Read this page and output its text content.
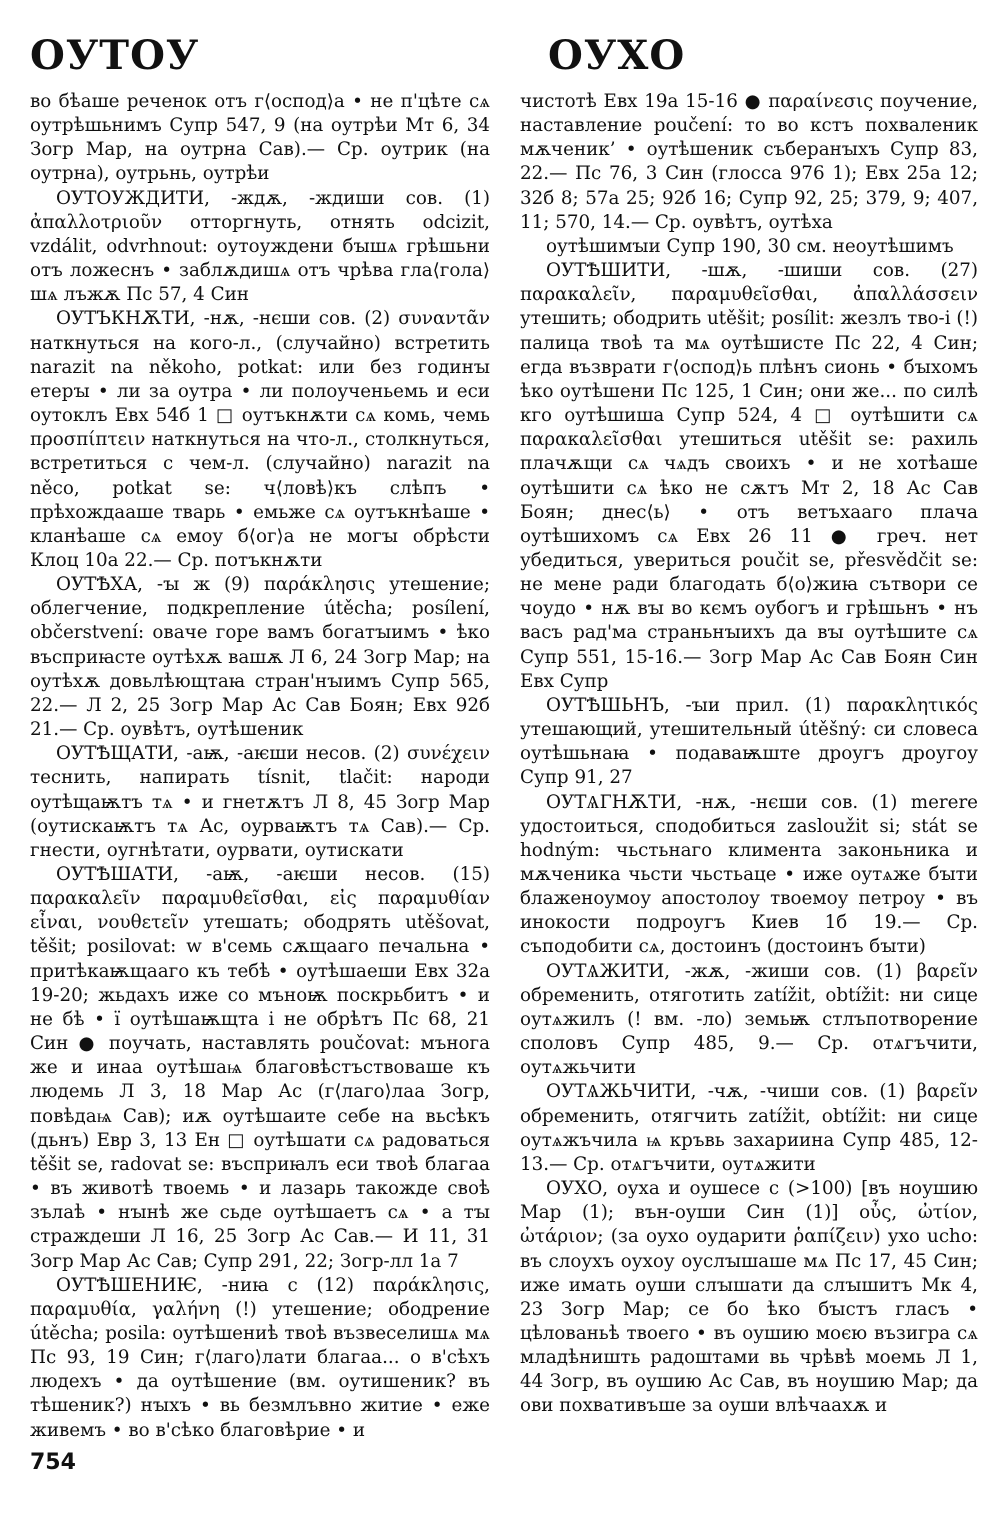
ОУТОУ	ОУХО

во бѣаше реченок отъ г⟨оспод⟩а • не п'цѣте сѧ оутрѣшьнимъ Супр 547, 9 (на оутрѣи Мт 6, 34 Зогр Мар, на оутрна Сав).— Ср. оутрик (на оутрна), оутрьнь, оутрѣи

ОУТОУЖДИТИ, -ждѫ, -ждиши сов. (1) ἀπαλλοτριοῦν отторгнуть, отнять odcizit, vzdálit, odvrhnout: оутоуждени бꙑшѧ грѣшьни отъ ложеснъ • заблѫдишѧ отъ чрѣва гла⟨гола⟩шѧ лъжѫ Пс 57, 4 Син

ОУТЪКНѪТИ, -нѫ, -нєши сов. (2) συναντᾶν наткнуться на кого-л., (случайно) встретить narazit na někoho, potkat: или без годинꙑ етерꙑ • ли за оутра • ли полоученьемь и еси оутоклъ Евх 54б 1 □ оутъкнѫти сѧ комь, чемь προσπίπτειν наткнуться на что-л., столкнуться, встретиться с чем-л. (случайно) narazit na něco, potkat se: ч⟨ловѣ⟩къ слѣпъ • прѣхождааше тварь • емьже сѧ оутъкнѣаше • кланѣаше сѧ емоу б⟨ог⟩а не могꙑ обрѣсти Клоц 10а 22.— Ср. потъкнѫти

ОУТѢХА, -ꙑ ж (9) παράκλησις утешение; облегчение, подкрепление útěcha; posílení, občerstvení: оваче горе вамъ богатꙑимъ • ѣко въсприꙗсте оутѣхѫ вашѫ Л 6, 24 Зогр Мар; на оутѣхѫ довьлѣющтаꙗ стран'нꙑимъ Супр 565, 22.— Л 2, 25 Зогр Мар Ас Сав Боян; Евх 92б 21.— Ср. оувѣтъ, оутѣшеник

ОУТѢЩАТИ, -аѭ, -аѥши несов. (2) συνέχειν теснить, напирать tísnit, tlačit: народи оутѣщаѭтъ тѧ • и гнетѫтъ Л 8, 45 Зогр Мар (оутискаѭтъ тѧ Ас, оурваѭтъ тѧ Сав).— Ср. гнести, оугнѣтати, оурвати, оутискати

ОУТѢШАТИ, -аѭ, -аѥши несов. (15) παρακαλεῖν παραμυθεῖσθαι, εἰς παραμυθίαν εἶναι, νουθετεῖν утешать; ободрять utěšovat, těšit; posilovat: w в'семь сѫщааго печальна • притѣкаѭщааго къ тебѣ • оутѣшаеши Евх 32а 19-20; жьдахъ иже со мъноѭ поскрьбитъ • и не бѣ • ї оутѣшаѭщта і не обрѣтъ Пс 68, 21 Син ● поучать, наставлять poučovat: мънога же и инаа оутѣшаѩ благовѣстъствоваше къ людемь Л 3, 18 Мар Ас (г⟨лаго⟩лаа Зогр, повѣдаѩ Сав); иѫ оутѣшаите себе на вьсѣкъ (дьнъ) Евр 3, 13 Ен □ оутѣшати сѧ радоваться těšit se, radovat se: въсприꙗлъ еси твоѣ благаа • въ животѣ твоемь • и лазарь такожде своѣ зълаѣ • нꙑнѣ же сьде оутѣшаетъ сѧ • а тꙑ страждеши Л 16, 25 Зогр Ас Сав.— И 11, 31 Зогр Мар Ас Сав; Супр 291, 22; Зогр-лл 1а 7

ОУТѢШЕНИѤ, -ниꙗ с (12) παράκλησις, παραμυθία, γαλήνη (!) утешение; ободрение útěcha; posila: оутѣшениѣ твоѣ възвеселишѧ мѧ Пс 93, 19 Син; г⟨лаго⟩лати благаа... о в'сѣхъ людехъ • да оутѣшение (вм. оутишеник? въ тѣшеник?) нꙑхъ • вь безмлъвно житие • еже живемъ • во в'сѣко благовѣрие • и

чистотѣ Евх 19а 15-16 ● παραίνεσις поучение, наставление poučení: то во кстъ похваленик мѫченик’ • оутѣшеник съберанꙑхъ Супр 83, 22.— Пс 76, 3 Син (глосса 976 1); Евх 25а 12; 32б 8; 57а 25; 92б 16; Супр 92, 25; 379, 9; 407, 11; 570, 14.— Ср. оувѣтъ, оутѣха

оутѣшимꙑи Супр 190, 30 см. неоутѣшимъ

ОУТѢШИТИ, -шѫ, -шиши сов. (27) παρακαλεῖν, παραμυθεῖσθαι, ἀπαλλάσσειν утешить; ободрить utěšit; posílit: жезлъ тво-і (!) палица твоѣ та мѧ оутѣшисте Пс 22, 4 Син; егда възврати г⟨оспод⟩ь плѣнъ сионь • бꙑхомъ ѣко оутѣшени Пс 125, 1 Син; они же... по силѣ кго оутѣшиша Супр 524, 4 □ оутѣшити сѧ παρακαλεῖσθαι утешиться utěšit se: рахиль плачѫщи сѧ чѧдъ своихъ • и не хотѣаше оутѣшити сѧ ѣко не сѫтъ Мт 2, 18 Ас Сав Боян; днес⟨ь⟩ • отъ ветъхааго плача оутѣшихомъ сѧ Евх 26 11 ● греч. нет убедиться, увериться poučit se, přesvědčit se: не мене ради благодать б⟨о⟩жиꙗ сътвори се чоудо • нѫ вꙑ во кємъ оубогъ и грѣшьнъ • нъ васъ рад'ма страньнꙑихъ да вꙑ оутѣшите сѧ Супр 551, 15-16.— Зогр Мар Ас Сав Боян Син Евх Супр

ОУТѢШЬНЪ, -ꙑи прил. (1) παρακλητικός утешающий, утешительный útěšný: си словеса оутѣшьнаꙗ • подаваѭште дроугъ дроугоу Супр 91, 27

ОУТѦГНѪТИ, -нѫ, -нєши сов. (1) merere удостоиться, сподобиться zasloužit si; stát se hodným: чьстьнаго климента законьника и мѫченика чьсти чьстьаце • иже оутѧже бꙑти блаженоумоу апостолоу твоемоу петроу • въ инокости подроугъ Киев 1б 19.— Ср. съподобити сѧ, достоинъ (достоинъ бꙑти)

ОУТѦЖИТИ, -жѫ, -жиши сов. (1) βαρεῖν обременить, отяготить zatížit, obtížit: ни сице оутѧжилъ (! вм. -ло) земьѭ стлъпотворение споловъ Супр 485, 9.— Ср. отѧгъчити, оутѧжьчити

ОУТѦЖЬЧИТИ, -чѫ, -чиши сов. (1) βαρεῖν обременить, отягчить zatížit, obtížit: ни сице оутѧжъчила ѩ кръвь захариина Супр 485, 12-13.— Ср. отѧгъчити, оутѧжити

ОУХО, оуха и оушесе с (>100) [въ ноушию Мар (1); вън-оуши Син (1)] οὖς, ὠτίον, ὠτάριον; (за оухо оударити ῥαπίζειν) ухо ucho: въ слоухъ оухоу оуслꙑшаше мѧ Пс 17, 45 Син; иже имать оуши слꙑшати да слꙑшитъ Мк 4, 23 Зогр Мар; се бо ѣко бꙑстъ гласъ • цѣлованьѣ твоего • въ оушию моєю възигра сѧ младѣништь радоштами вь чрѣвѣ моемь Л 1, 44 Зогр, въ оушию Ас Сав, въ ноушию Мар; да ови похвативъше за оуши влѣчаахѫ и

754
